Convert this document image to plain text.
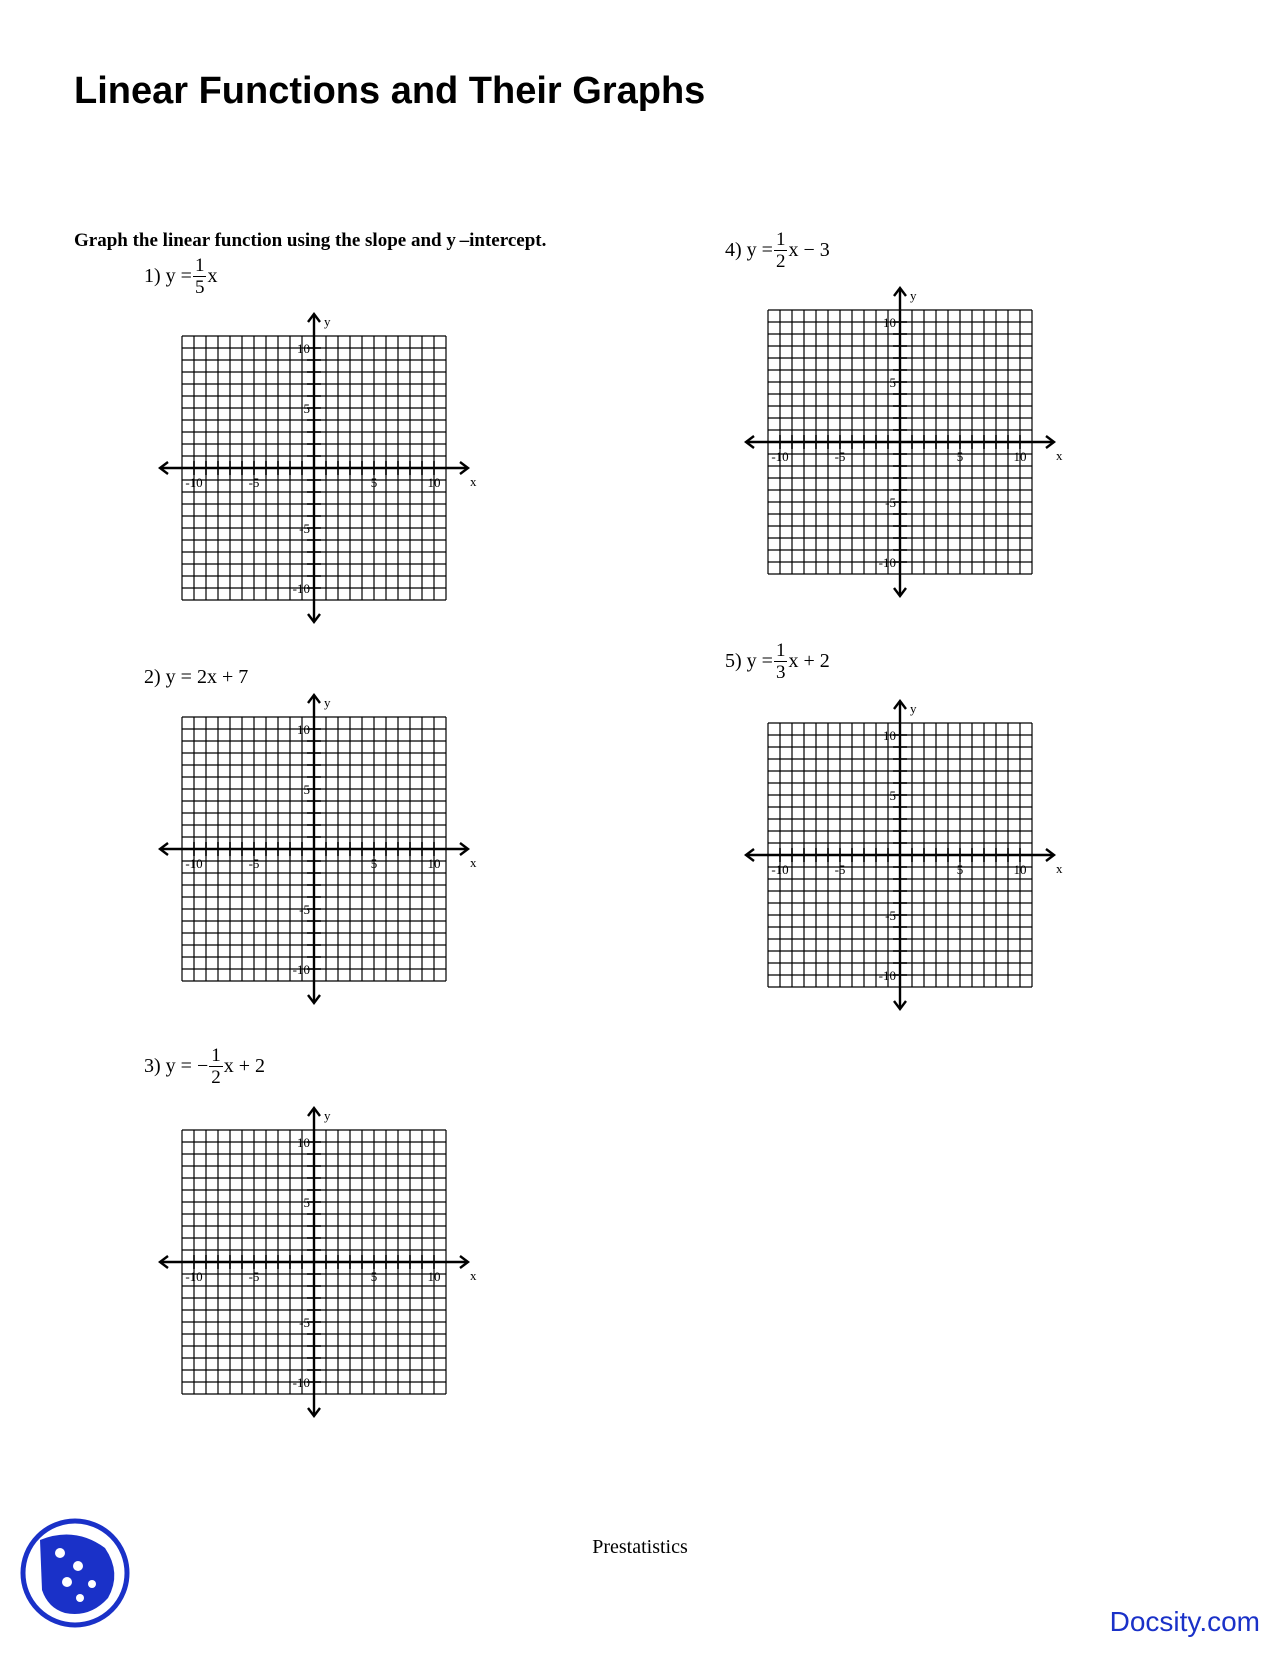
Linear Functions and Their Graphs
Graph the linear function using the slope and y –intercept.
1)
$y = \frac{1}{5}$ x
2)
y = 2x + 7
3)
y =
− $\frac{1}{2}$ x + 2
4)
$y = \frac{1}{2}$ x − 3
5)
$y = \frac{1}{3}$ x + 2
-10	-5	5	10
10
5
-5
-10
x
y
-10	-5	5	10
10
5
-5
-10
x
y
-10	-5	5	10
10
5
-5
-10
x
y
-10	-5	5	10
10
5
-5
-10
x
y
-10	-5	5	10
10
5
-5
-10
x
y
Prestatistics
Docsity.com
